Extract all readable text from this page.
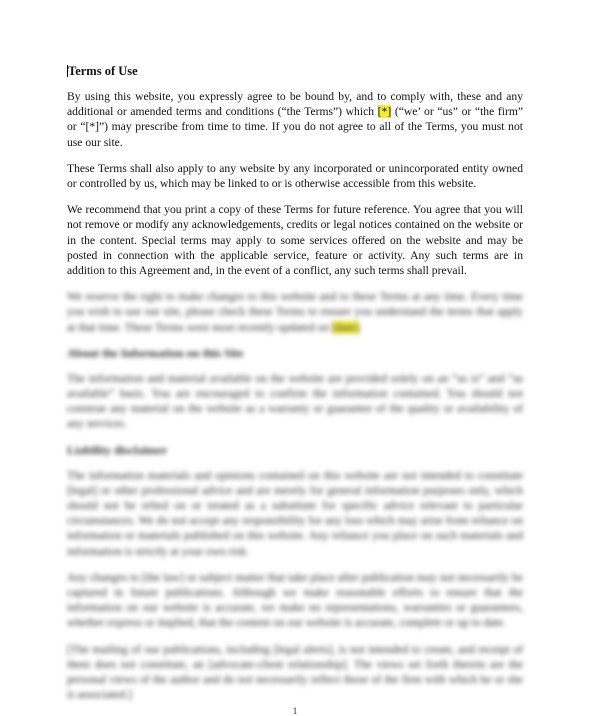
Terms of Use

By using this website, you expressly agree to be bound by, and to comply with, these and any additional or amended terms and conditions (“the Terms”) which [*] (“we’ or “us” or “the firm” or “[*]”) may prescribe from time to time. If you do not agree to all of the Terms, you must not use our site.

These Terms shall also apply to any website by any incorporated or unincorporated entity owned or controlled by us, which may be linked to or is otherwise accessible from this website.

We recommend that you print a copy of these Terms for future reference. You agree that you will not remove or modify any acknowledgements, credits or legal notices contained on the website or in the content. Special terms may apply to some services offered on the website and may be posted in connection with the applicable service, feature or activity. Any such terms are in addition to this Agreement and, in the event of a conflict, any such terms shall prevail.

We reserve the right to make changes to this website and to these Terms at any time. Every time you wish to use our site, please check these Terms to ensure you understand the terms that apply at that time. These Terms were most recently updated on [date].

About the Information on this Site

The information and material available on the website are provided solely on an “as is” and “as available” basis. You are encouraged to confirm the information contained. You should not construe any material on the website as a warranty or guarantee of the quality or availability of any services.

Liability disclaimer

The information materials and opinions contained on this website are not intended to constitute [legal] or other professional advice and are merely for general information purposes only, which should not be relied on or treated as a substitute for specific advice relevant to particular circumstances. We do not accept any responsibility for any loss which may arise from reliance on information or materials published on this website. Any reliance you place on such materials and information is strictly at your own risk.

Any changes to [the law] or subject matter that take place after publication may not necessarily be captured in future publications. Although we make reasonable efforts to ensure that the information on our website is accurate, we make no representations, warranties or guarantees, whether express or implied, that the content on our website is accurate, complete or up to date.

[The mailing of our publications, including [legal alerts], is not intended to create, and receipt of them does not constitute, an [advocate-client relationship]. The views set forth therein are the personal views of the author and do not necessarily reflect those of the firm with which he or she is associated.]

1
